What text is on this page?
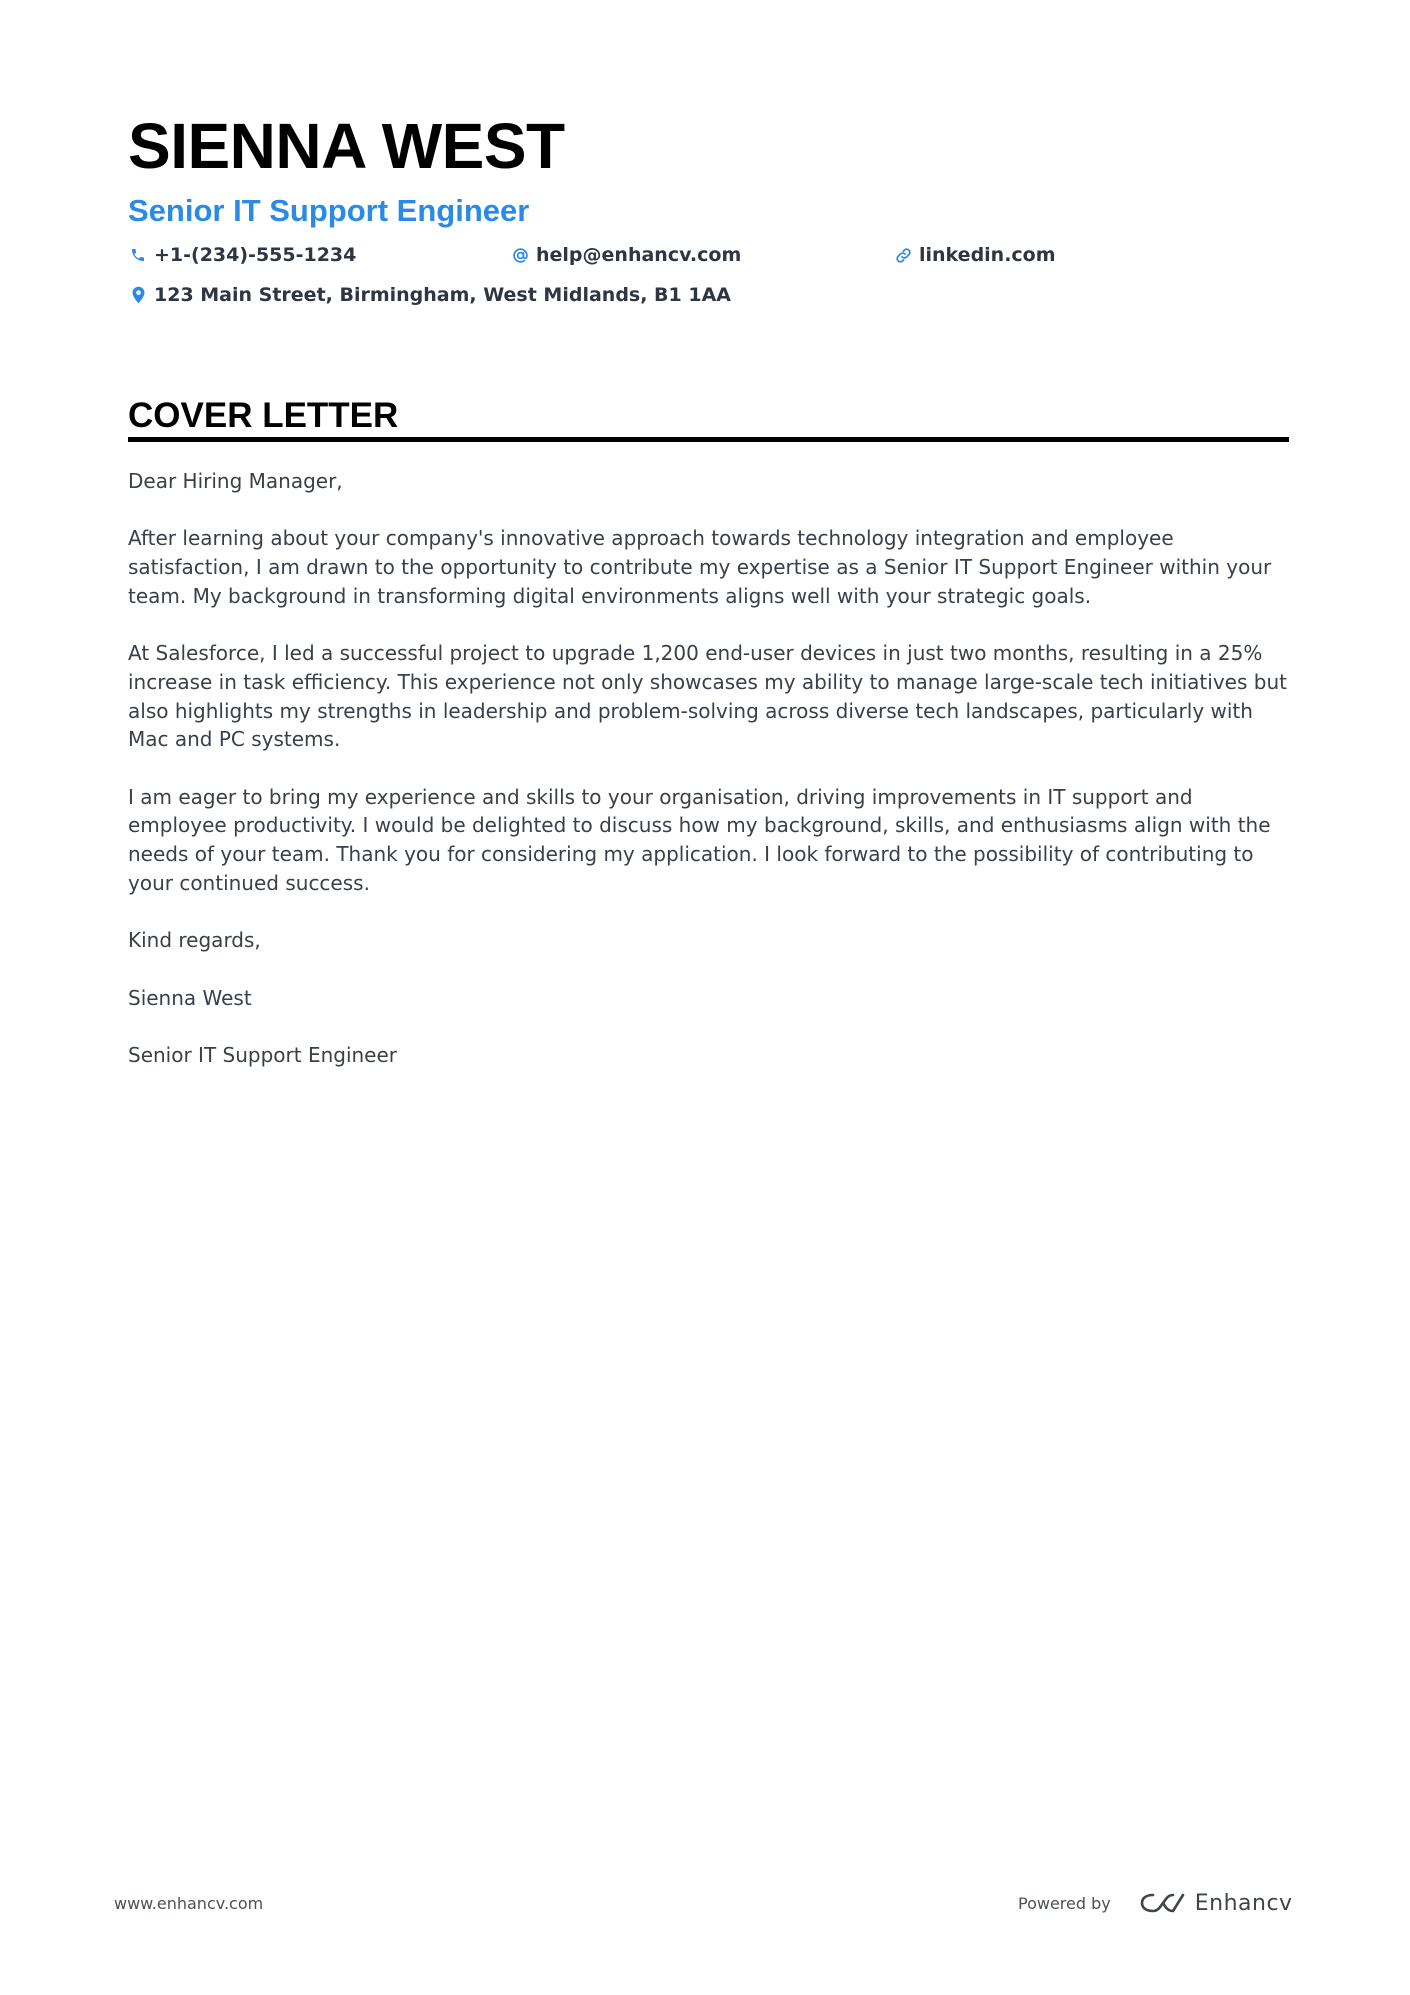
SIENNA WEST
Senior IT Support Engineer
+1-(234)-555-1234	help@enhancv.com	linkedin.com
123 Main Street, Birmingham, West Midlands, B1 1AA
COVER LETTER

Dear Hiring Manager,

After learning about your company's innovative approach towards technology integration and employee satisfaction, I am drawn to the opportunity to contribute my expertise as a Senior IT Support Engineer within your team. My background in transforming digital environments aligns well with your strategic goals.

At Salesforce, I led a successful project to upgrade 1,200 end-user devices in just two months, resulting in a 25% increase in task efficiency. This experience not only showcases my ability to manage large-scale tech initiatives but also highlights my strengths in leadership and problem-solving across diverse tech landscapes, particularly with Mac and PC systems.

I am eager to bring my experience and skills to your organisation, driving improvements in IT support and employee productivity. I would be delighted to discuss how my background, skills, and enthusiasms align with the needs of your team. Thank you for considering my application. I look forward to the possibility of contributing to your continued success.

Kind regards,

Sienna West

Senior IT Support Engineer

www.enhancv.com	Powered by	Enhancv
